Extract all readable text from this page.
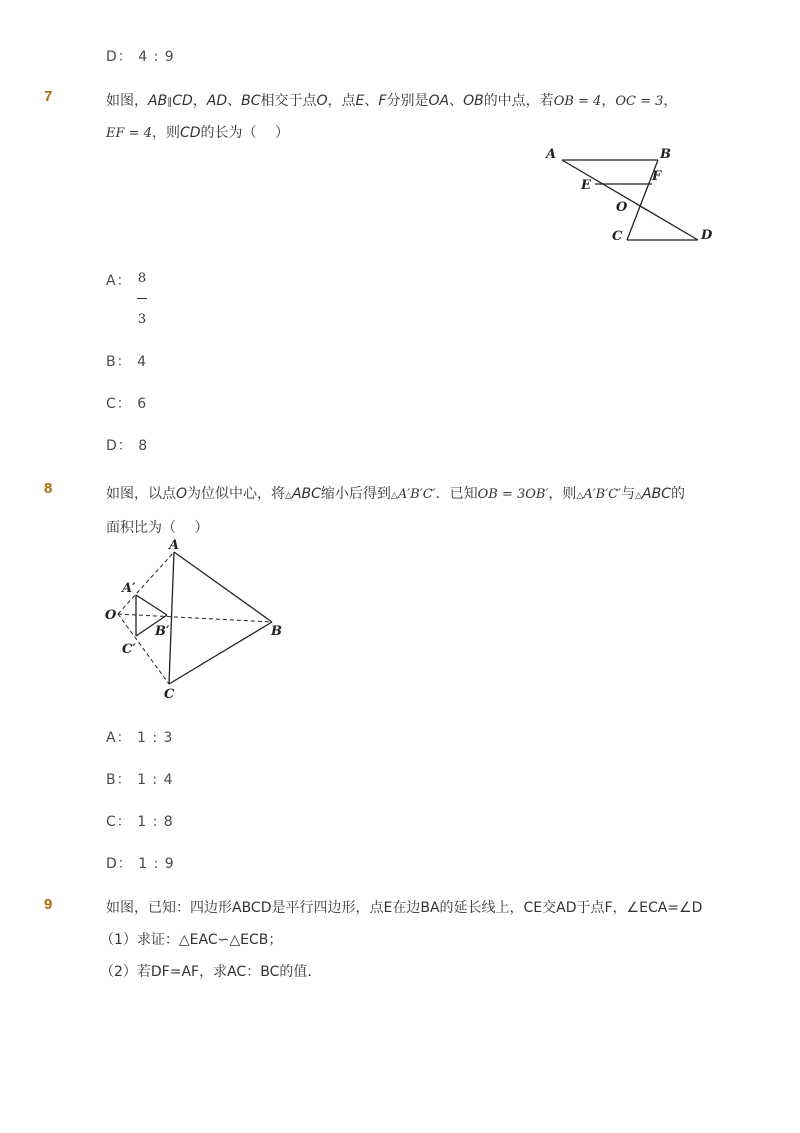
D： 4 : 9
7	如图，AB∥CD，AD、BC相交于点O，点E、F分别是OA、OB的中点，若OB = 4，OC = 3，
EF = 4，则CD的长为（　 ）
A	B
E
F
O
C	D
A： 8
3
B： 4
C： 6
D： 8
8	如图，以点O为位似中心，将△ABC缩小后得到△A′B′C′．已知OB = 3OB′，则△A′B′C′与△ABC的
面积比为（　 ）
A
A′
O
B′	B
C′
C
A： 1 : 3
B： 1 : 4
C： 1 : 8
D： 1 : 9
9	如图，已知：四边形ABCD是平行四边形，点E在边BA的延长线上，CE交AD于点F，∠ECA=∠D
（1）求证：△EAC∽△ECB；
（2）若DF=AF，求AC：BC的值．
